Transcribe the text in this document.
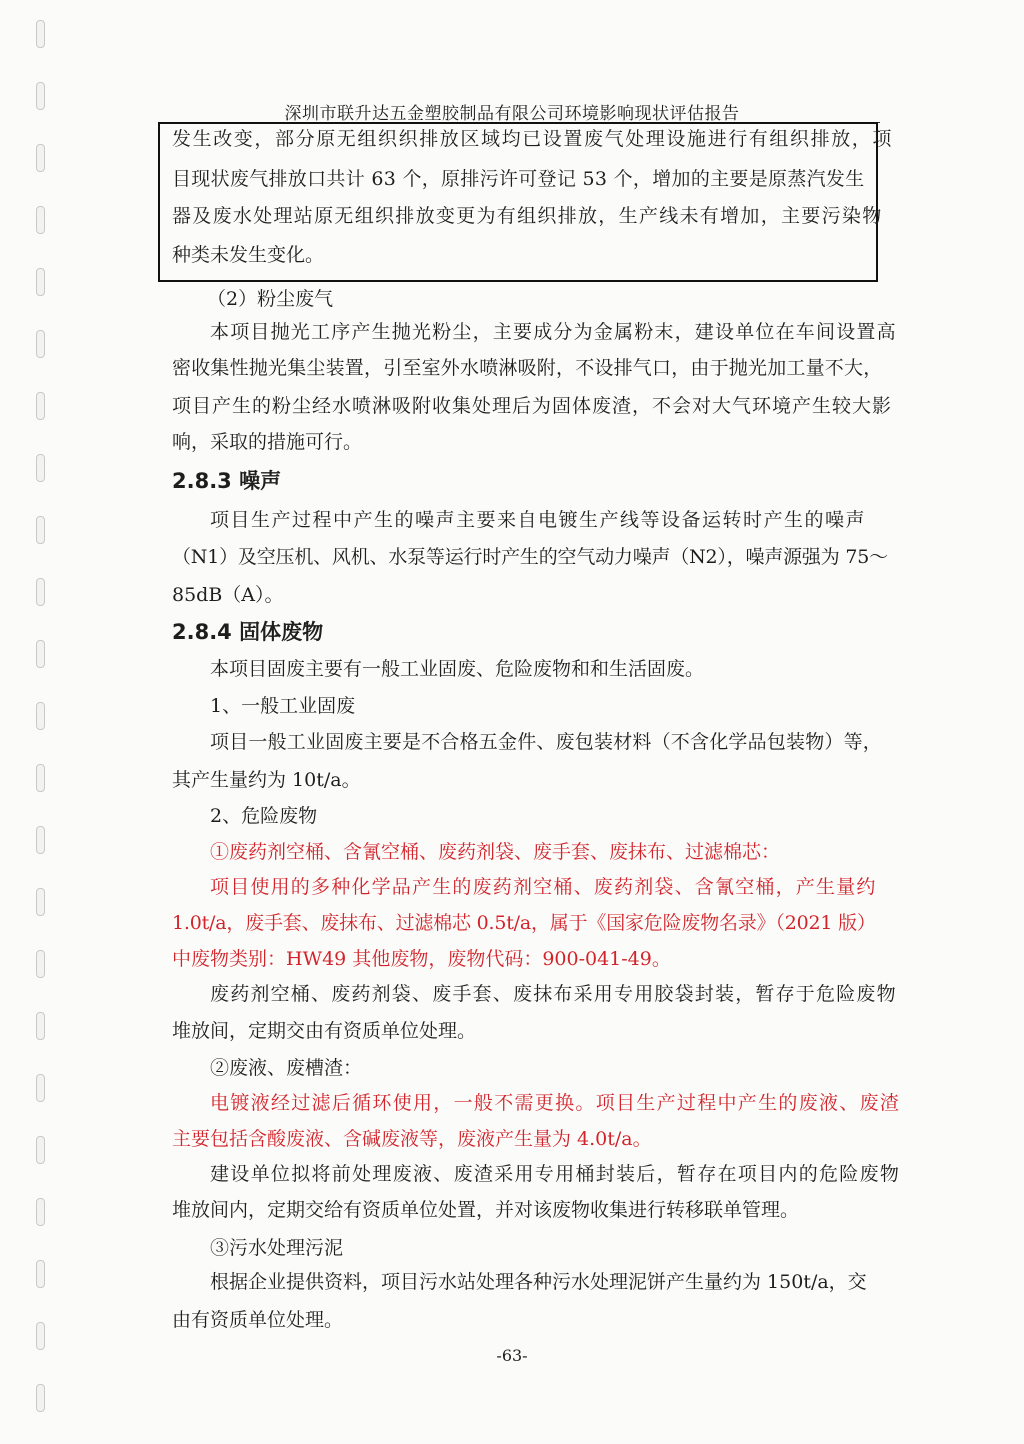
深圳市联升达五金塑胶制品有限公司环境影响现状评估报告
发生改变，部分原无组织织排放区域均已设置废气处理设施进行有组织排放，项
目现状废气排放口共计 63 个，原排污许可登记 53 个，增加的主要是原蒸汽发生
器及废水处理站原无组织排放变更为有组织排放，生产线未有增加，主要污染物
种类未发生变化。
（2）粉尘废气
本项目抛光工序产生抛光粉尘，主要成分为金属粉末，建设单位在车间设置高
密收集性抛光集尘装置，引至室外水喷淋吸附，不设排气口，由于抛光加工量不大，
项目产生的粉尘经水喷淋吸附收集处理后为固体废渣，不会对大气环境产生较大影
响，采取的措施可行。
2.8.3 噪声
项目生产过程中产生的噪声主要来自电镀生产线等设备运转时产生的噪声
（N1）及空压机、风机、水泵等运行时产生的空气动力噪声（N2），噪声源强为 75～
85dB（A）。
2.8.4 固体废物
本项目固废主要有一般工业固废、危险废物和和生活固废。
1、一般工业固废
项目一般工业固废主要是不合格五金件、废包装材料（不含化学品包装物）等，
其产生量约为 10t/a。
2、危险废物
①废药剂空桶、含氰空桶、废药剂袋、废手套、废抹布、过滤棉芯：
项目使用的多种化学品产生的废药剂空桶、废药剂袋、含氰空桶，产生量约
1.0t/a，废手套、废抹布、过滤棉芯 0.5t/a，属于《国家危险废物名录》（2021 版）
中废物类别：HW49 其他废物，废物代码：900-041-49。
废药剂空桶、废药剂袋、废手套、废抹布采用专用胶袋封装，暂存于危险废物
堆放间，定期交由有资质单位处理。
②废液、废槽渣：
电镀液经过滤后循环使用，一般不需更换。项目生产过程中产生的废液、废渣
主要包括含酸废液、含碱废液等，废液产生量为 4.0t/a。
建设单位拟将前处理废液、废渣采用专用桶封装后，暂存在项目内的危险废物
堆放间内，定期交给有资质单位处置，并对该废物收集进行转移联单管理。
③污水处理污泥
根据企业提供资料，项目污水站处理各种污水处理泥饼产生量约为 150t/a，交
由有资质单位处理。
-63-
